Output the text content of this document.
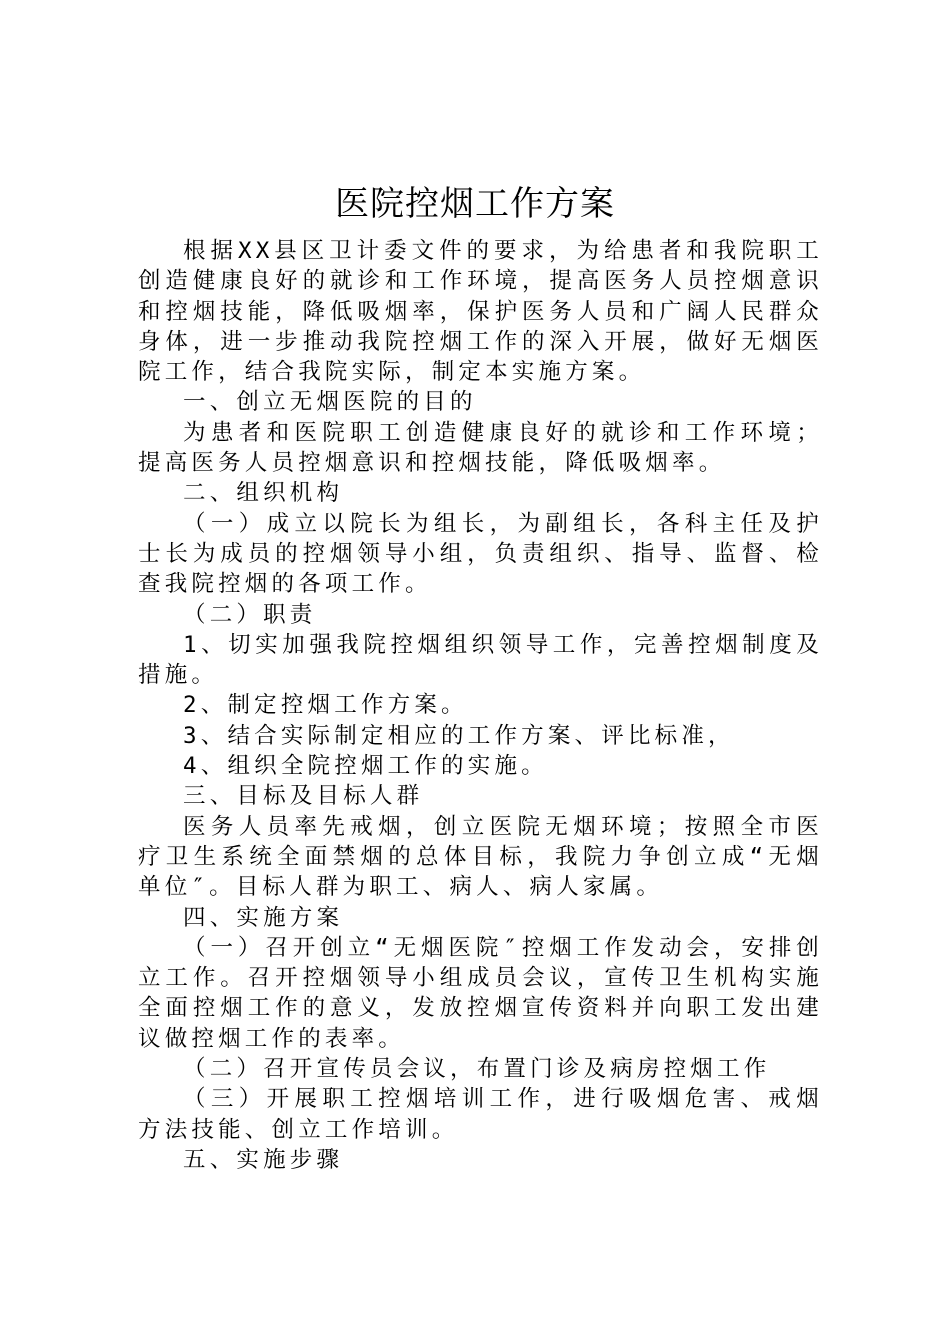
医院控烟工作方案

根据XX县区卫计委文件的要求，为给患者和我院职工创造健康良好的就诊和工作环境，提高医务人员控烟意识和控烟技能，降低吸烟率，保护医务人员和广阔人民群众身体，进一步推动我院控烟工作的深入开展，做好无烟医院工作，结合我院实际，制定本实施方案。

一、创立无烟医院的目的

为患者和医院职工创造健康良好的就诊和工作环境；提高医务人员控烟意识和控烟技能，降低吸烟率。

二、组织机构

（一）成立以院长为组长，为副组长，各科主任及护士长为成员的控烟领导小组，负责组织、指导、监督、检查我院控烟的各项工作。

（二）职责

1、切实加强我院控烟组织领导工作，完善控烟制度及措施。

2、制定控烟工作方案。

3、结合实际制定相应的工作方案、评比标准，

4、组织全院控烟工作的实施。

三、目标及目标人群

医务人员率先戒烟，创立医院无烟环境；按照全市医疗卫生系统全面禁烟的总体目标，我院力争创立成“无烟单位″。目标人群为职工、病人、病人家属。

四、实施方案

（一）召开创立“无烟医院″控烟工作发动会，安排创立工作。召开控烟领导小组成员会议，宣传卫生机构实施全面控烟工作的意义，发放控烟宣传资料并向职工发出建议做控烟工作的表率。

（二）召开宣传员会议，布置门诊及病房控烟工作

（三）开展职工控烟培训工作，进行吸烟危害、戒烟方法技能、创立工作培训。

五、实施步骤
